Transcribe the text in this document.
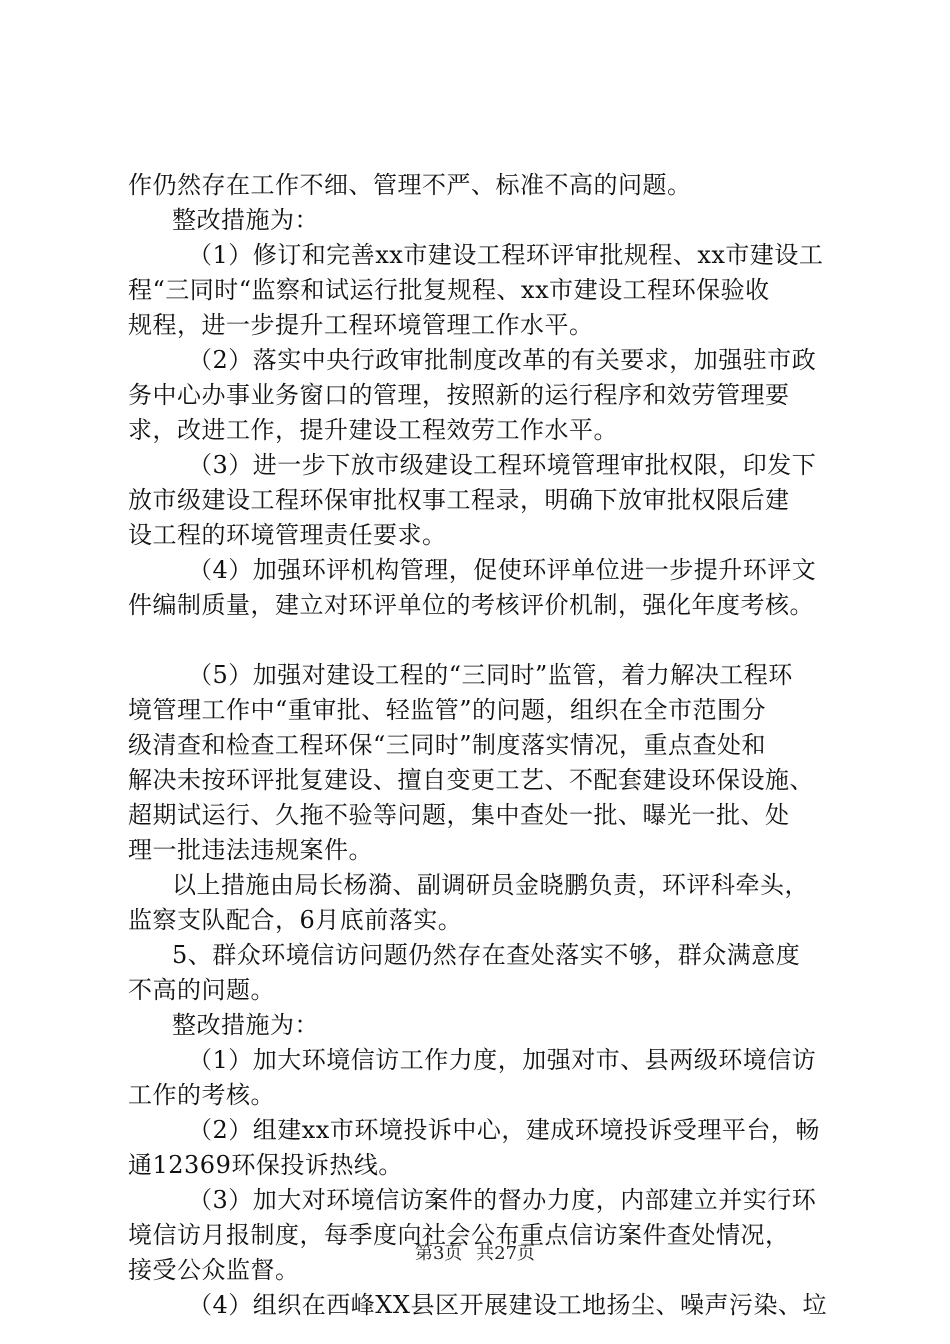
作仍然存在工作不细、管理不严、标准不高的问题。
整改措施为：
（1）修订和完善xx市建设工程环评审批规程、xx市建设工
程“三同时“监察和试运行批复规程、xx市建设工程环保验收
规程，进一步提升工程环境管理工作水平。
（2）落实中央行政审批制度改革的有关要求，加强驻市政
务中心办事业务窗口的管理，按照新的运行程序和效劳管理要
求，改进工作，提升建设工程效劳工作水平。
（3）进一步下放市级建设工程环境管理审批权限，印发下
放市级建设工程环保审批权事工程录，明确下放审批权限后建
设工程的环境管理责任要求。
（4）加强环评机构管理，促使环评单位进一步提升环评文
件编制质量，建立对环评单位的考核评价机制，强化年度考核。
（5）加强对建设工程的“三同时”监管，着力解决工程环
境管理工作中“重审批、轻监管”的问题，组织在全市范围分
级清查和检查工程环保“三同时”制度落实情况，重点查处和
解决未按环评批复建设、擅自变更工艺、不配套建设环保设施、
超期试运行、久拖不验等问题，集中查处一批、曝光一批、处
理一批违法违规案件。
以上措施由局长杨漪、副调研员金晓鹏负责，环评科牵头，
监察支队配合，6月底前落实。
5、群众环境信访问题仍然存在查处落实不够，群众满意度
不高的问题。
整改措施为：
（1）加大环境信访工作力度，加强对市、县两级环境信访
工作的考核。
（2）组建xx市环境投诉中心，建成环境投诉受理平台，畅
通12369环保投诉热线。
（3）加大对环境信访案件的督办力度，内部建立并实行环
境信访月报制度，每季度向社会公布重点信访案件查处情况，
接受公众监督。
（4）组织在西峰XX县区开展建设工地扬尘、噪声污染、垃
第3页 共27页
